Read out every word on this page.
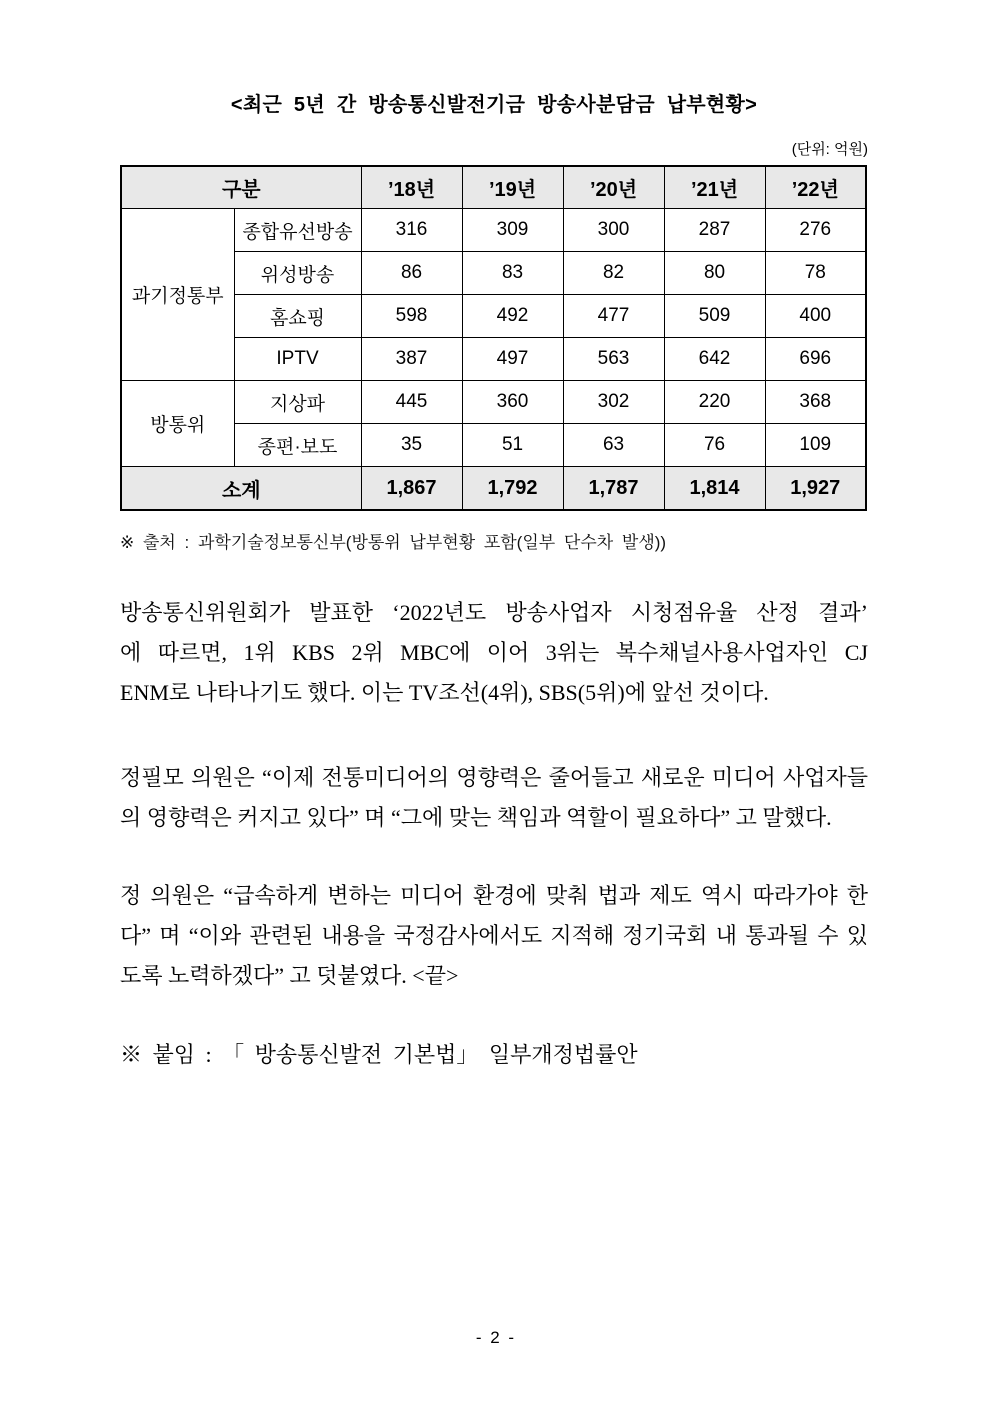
<최근 5년 간 방송통신발전기금 방송사분담금 납부현황>
(단위: 억원)
구분		’18년	’19년	’20년	’21년	’22년
과기정통부	종합유선방송	316	309	300	287	276
	위성방송	86	83	82	80	78
	홈쇼핑	598	492	477	509	400
	IPTV	387	497	563	642	696
방통위	지상파	445	360	302	220	368
	종편·보도	35	51	63	76	109
소계		1,867	1,792	1,787	1,814	1,927
※ 출처 : 과학기술정보통신부(방통위 납부현황 포함(일부 단수차 발생))
방송통신위원회가 발표한 ‘2022년도 방송사업자 시청점유율 산정 결과’
에 따르면, 1위 KBS 2위 MBC에 이어 3위는 복수채널사용사업자인 CJ
ENM로 나타나기도 했다. 이는 TV조선(4위), SBS(5위)에 앞선 것이다.
정필모 의원은 “이제 전통미디어의 영향력은 줄어들고 새로운 미디어 사업자들
의 영향력은 커지고 있다” 며 “그에 맞는 책임과 역할이 필요하다” 고 말했다.
정 의원은 “급속하게 변하는 미디어 환경에 맞춰 법과 제도 역시 따라가야 한
다” 며 “이와 관련된 내용을 국정감사에서도 지적해 정기국회 내 통과될 수 있
도록 노력하겠다” 고 덧붙였다. <끝>
※ 붙임 : 「 방송통신발전 기본법」 일부개정법률안
- 2 -
